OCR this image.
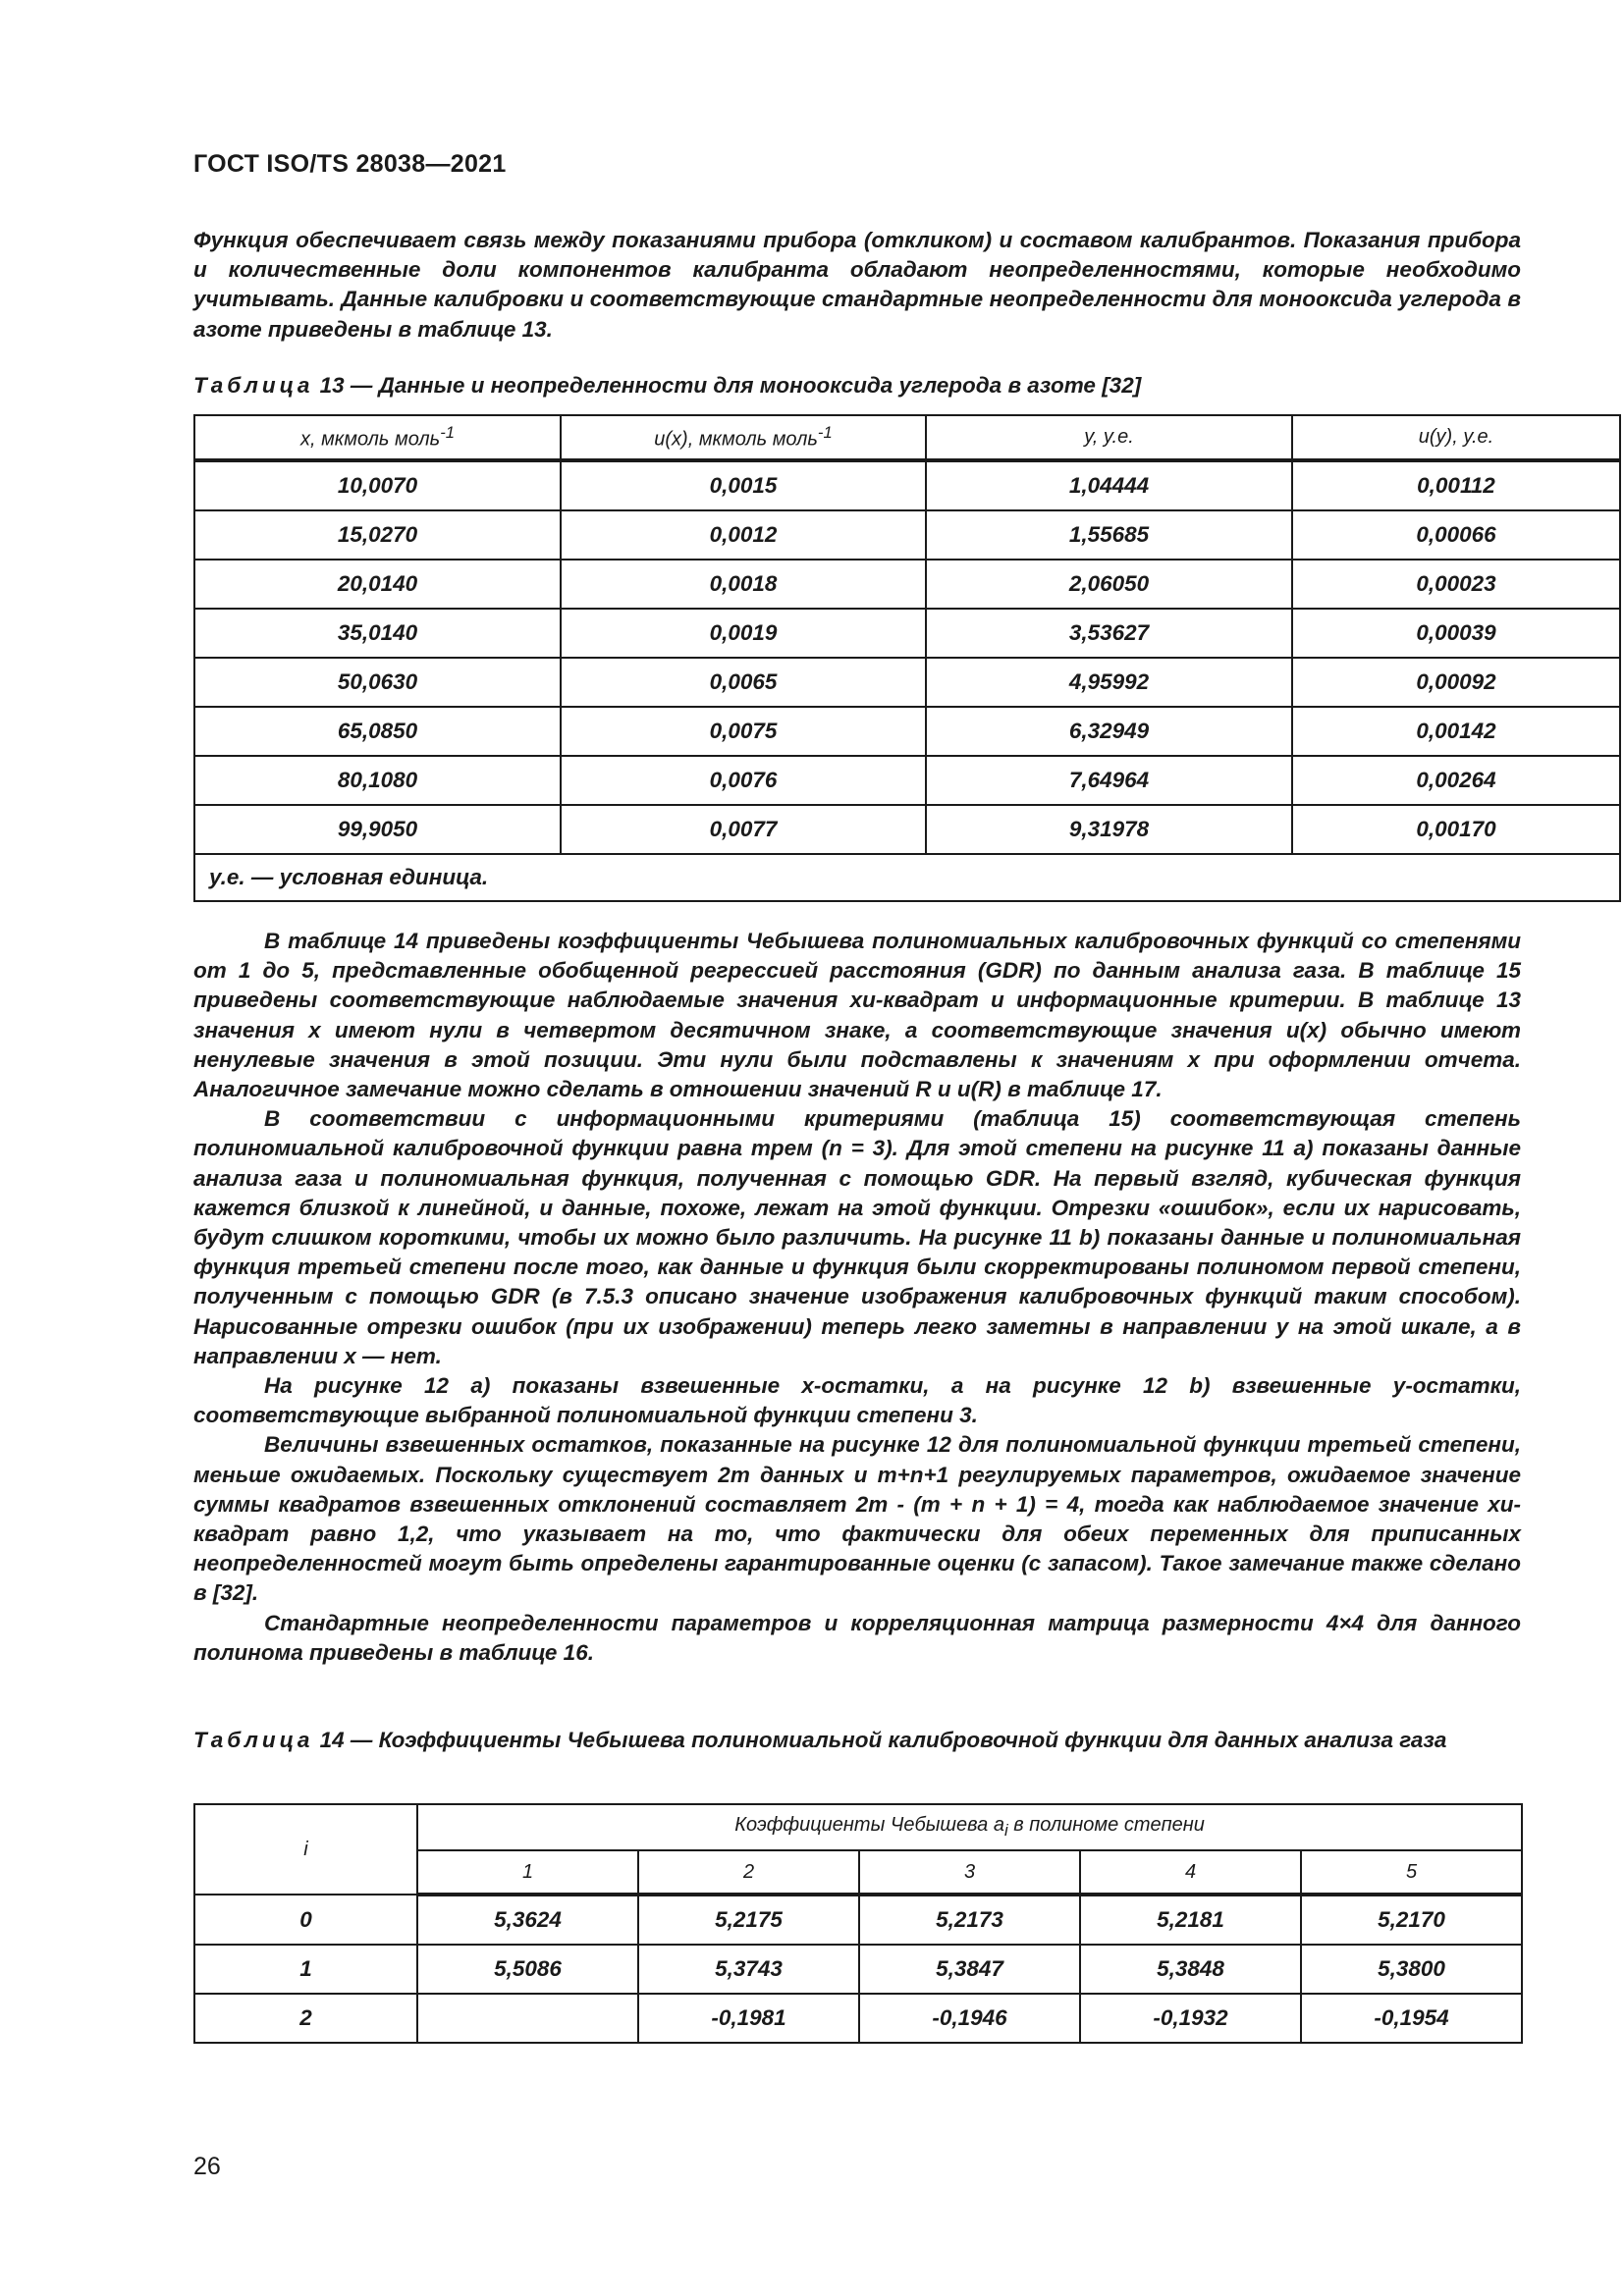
ГОСТ ISO/TS 28038—2021
Функция обеспечивает связь между показаниями прибора (откликом) и составом калибрантов. Показания прибора и количественные доли компонентов калибранта обладают неопределенностями, которые необходимо учитывать. Данные калибровки и соответствующие стандартные неопределенности для монооксида углерода в азоте приведены в таблице 13.
Таблица 13 — Данные и неопределенности для монооксида углерода в азоте [32]
x, мкмоль моль$^{-1}$	u(x), мкмоль моль$^{-1}$	y, у.е.	u(y), у.е.
10,0070	0,0015	1,04444	0,00112
15,0270	0,0012	1,55685	0,00066
20,0140	0,0018	2,06050	0,00023
35,0140	0,0019	3,53627	0,00039
50,0630	0,0065	4,95992	0,00092
65,0850	0,0075	6,32949	0,00142
80,1080	0,0076	7,64964	0,00264
99,9050	0,0077	9,31978	0,00170
у.е. — условная единица.			

В таблице 14 приведены коэффициенты Чебышева полиномиальных калибровочных функций со степенями от 1 до 5, представленные обобщенной регрессией расстояния (GDR) по данным анализа газа. В таблице 15 приведены соответствующие наблюдаемые значения хи-квадрат и информационные критерии. В таблице 13 значения x имеют нули в четвертом десятичном знаке, а соответствующие значения u(x) обычно имеют ненулевые значения в этой позиции. Эти нули были подставлены к значениям x при оформлении отчета. Аналогичное замечание можно сделать в отношении значений R и u(R) в таблице 17.

В соответствии с информационными критериями (таблица 15) соответствующая степень полиномиальной калибровочной функции равна трем (n = 3). Для этой степени на рисунке 11 a) показаны данные анализа газа и полиномиальная функция, полученная с помощью GDR. На первый взгляд, кубическая функция кажется близкой к линейной, и данные, похоже, лежат на этой функции. Отрезки «ошибок», если их нарисовать, будут слишком короткими, чтобы их можно было различить. На рисунке 11 b) показаны данные и полиномиальная функция третьей степени после того, как данные и функция были скорректированы полиномом первой степени, полученным с помощью GDR (в 7.5.3 описано значение изображения калибровочных функций таким способом). Нарисованные отрезки ошибок (при их изображении) теперь легко заметны в направлении y на этой шкале, а в направлении x — нет.

На рисунке 12 a) показаны взвешенные x-остатки, а на рисунке 12 b) взвешенные y-остатки, соответствующие выбранной полиномиальной функции степени 3.

Величины взвешенных остатков, показанные на рисунке 12 для полиномиальной функции третьей степени, меньше ожидаемых. Поскольку существует 2m данных и m+n+1 регулируемых параметров, ожидаемое значение суммы квадратов взвешенных отклонений составляет 2m - (m + n + 1) = 4, тогда как наблюдаемое значение хи-квадрат равно 1,2, что указывает на то, что фактически для обеих переменных для приписанных неопределенностей могут быть определены гарантированные оценки (с запасом). Такое замечание также сделано в [32].

Стандартные неопределенности параметров и корреляционная матрица размерности 4×4 для данного полинома приведены в таблице 16.

Таблица 14 — Коэффициенты Чебышева полиномиальной калибровочной функции для данных анализа газа
i	Коэффициенты Чебышева $a_i$ в полиноме степени				
	1	2	3	4	5
0	5,3624	5,2175	5,2173	5,2181	5,2170
1	5,5086	5,3743	5,3847	5,3848	5,3800
2		-0,1981	-0,1946	-0,1932	-0,1954
26
